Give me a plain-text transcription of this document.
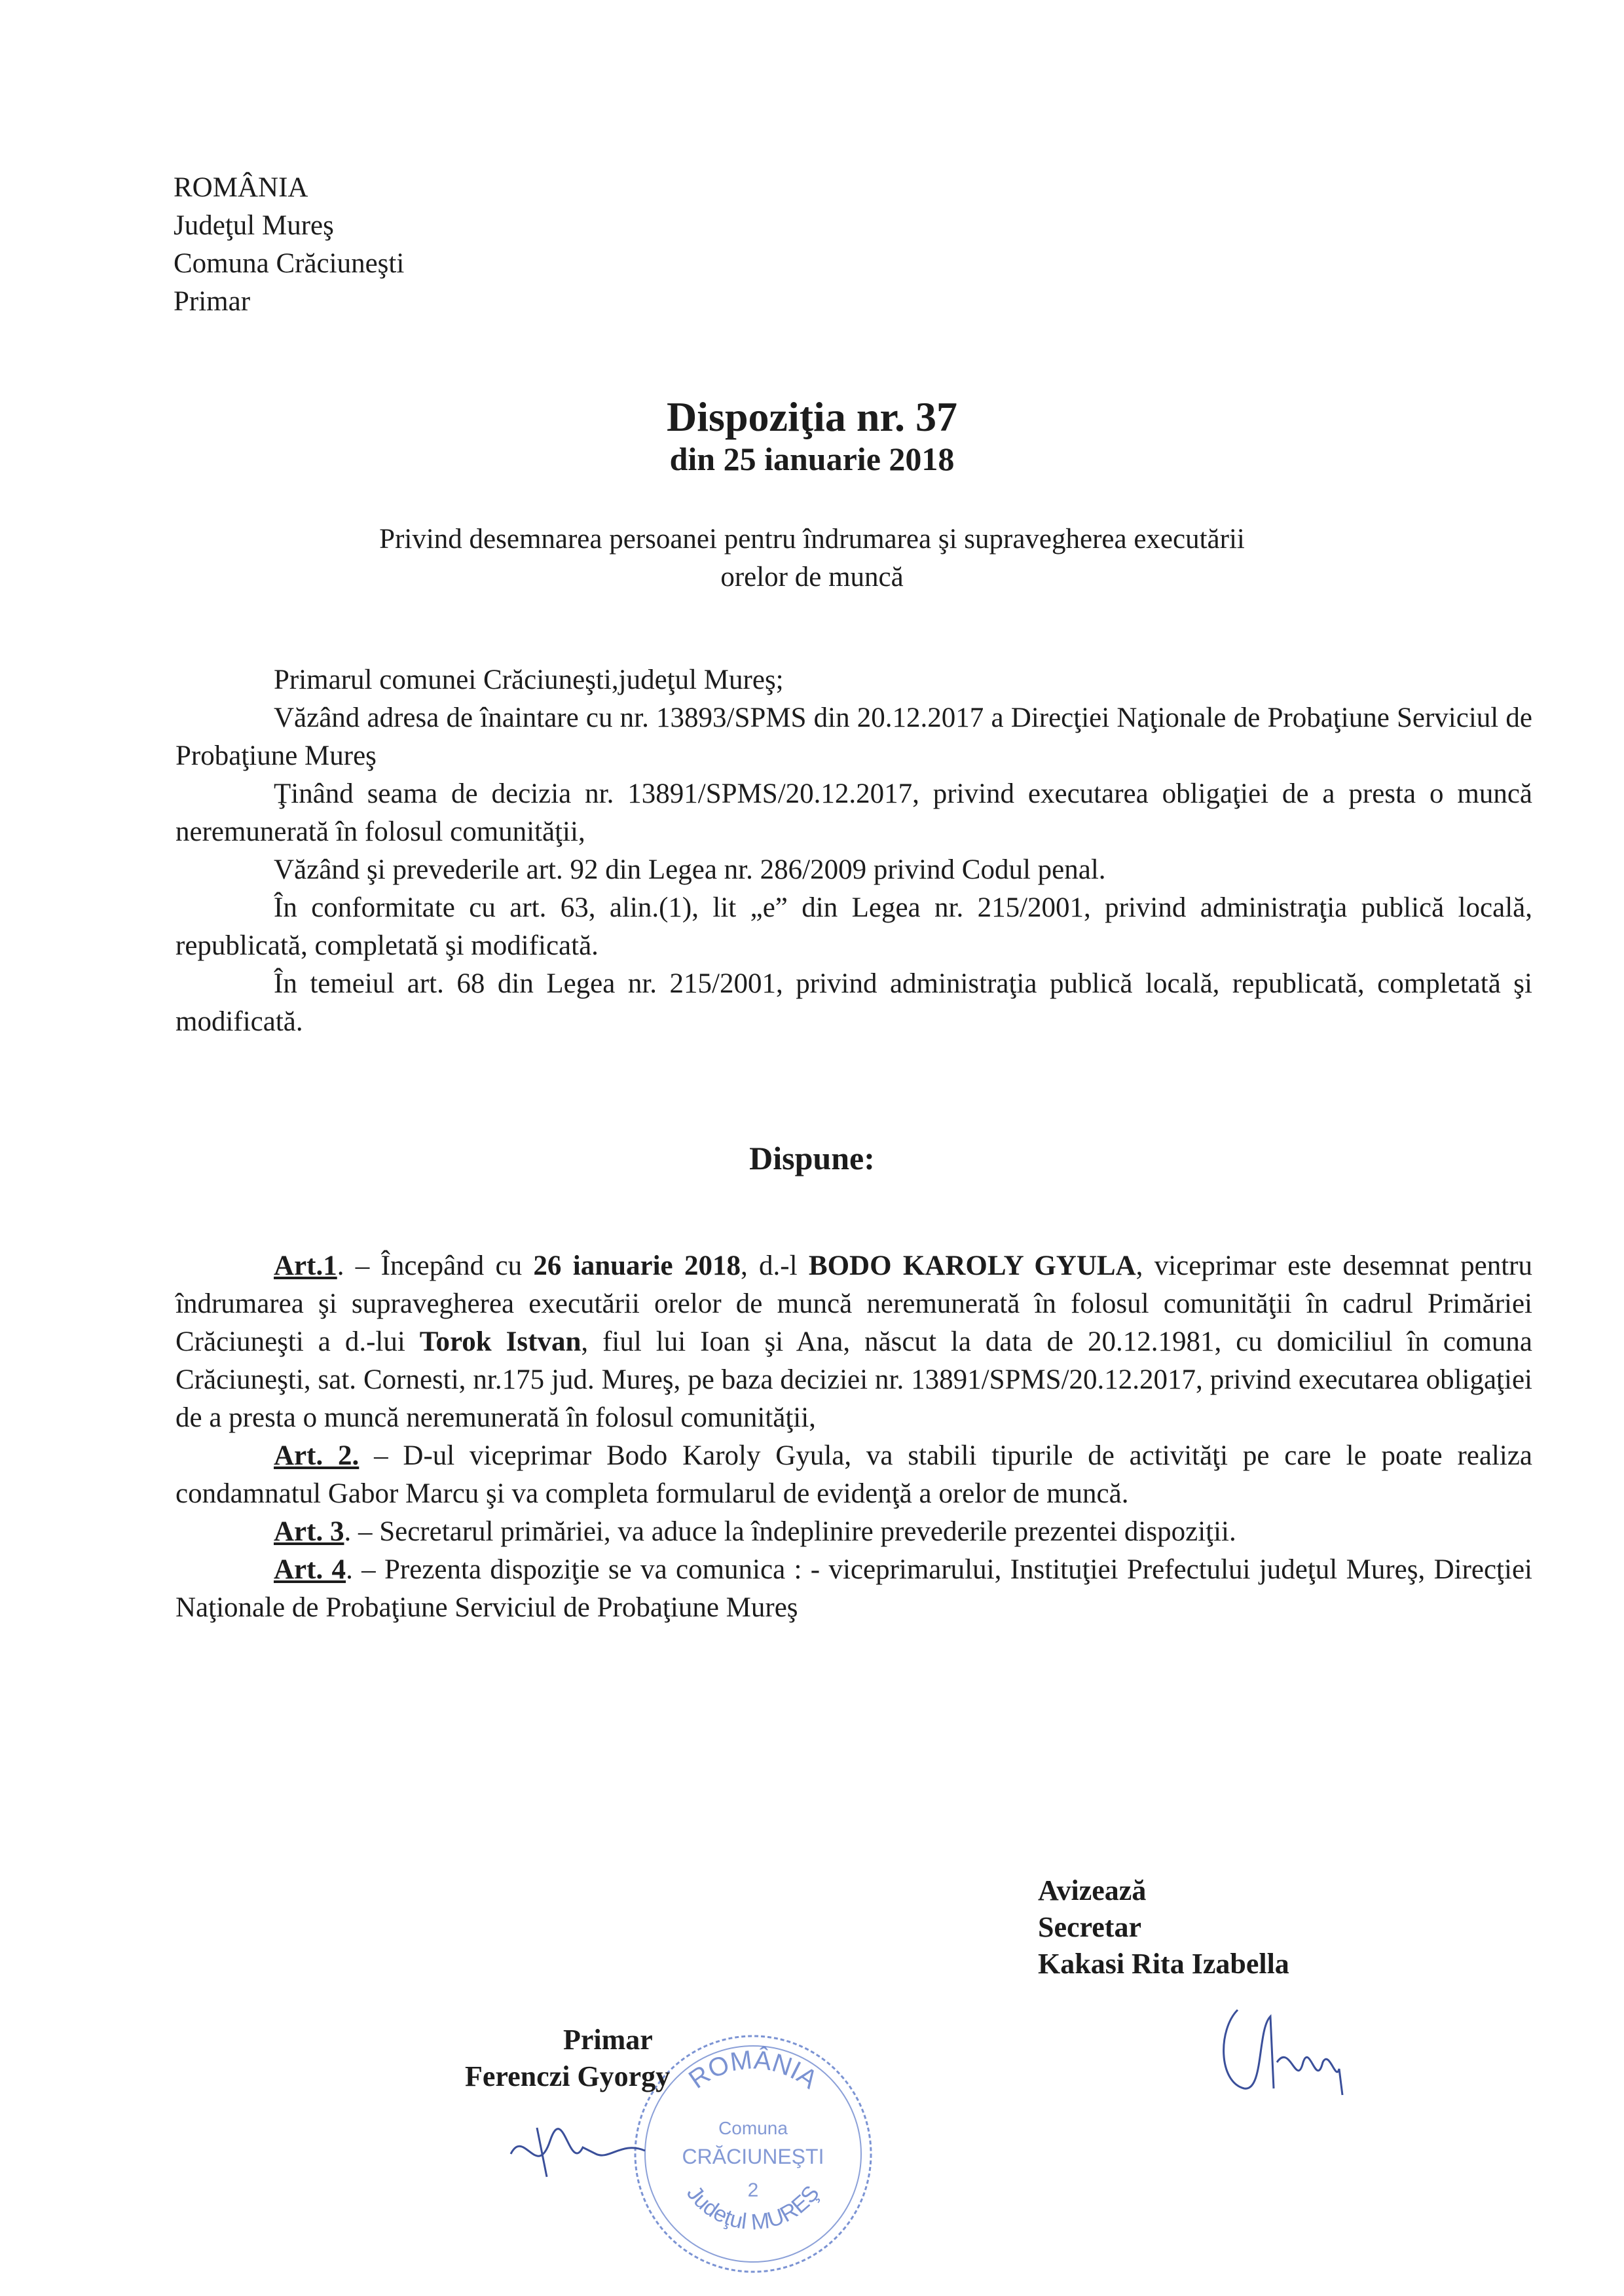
ROMÂNIA
Judeţul Mureş
Comuna Crăciuneşti
Primar
Dispoziţia nr. 37
din 25 ianuarie 2018
Privind desemnarea persoanei pentru îndrumarea şi supravegherea executării
orelor de muncă

Primarul comunei Crăciuneşti,judeţul Mureş;

Văzând adresa de înaintare cu nr. 13893/SPMS din 20.12.2017 a Direcţiei Naţionale de Probaţiune Serviciul de Probaţiune Mureş

Ţinând seama de decizia nr. 13891/SPMS/20.12.2017, privind executarea obligaţiei de a presta o muncă neremunerată în folosul comunităţii,

Văzând şi prevederile art. 92 din Legea nr. 286/2009 privind Codul penal.

În conformitate cu art. 63, alin.(1), lit „e” din Legea nr. 215/2001, privind administraţia publică locală, republicată, completată şi modificată.

În temeiul art. 68 din Legea nr. 215/2001, privind administraţia publică locală, republicată, completată şi modificată.

Dispune:

Art.1. – Începând cu 26 ianuarie 2018, d.-l BODO KAROLY GYULA, viceprimar este desemnat pentru îndrumarea şi supravegherea executării orelor de muncă neremunerată în folosul comunităţii în cadrul Primăriei Crăciuneşti a d.-lui Torok Istvan, fiul lui Ioan şi Ana, născut la data de 20.12.1981, cu domiciliul în comuna Crăciuneşti, sat. Cornesti, nr.175 jud. Mureş, pe baza deciziei nr. 13891/SPMS/20.12.2017, privind executarea obligaţiei de a presta o muncă neremunerată în folosul comunităţii,

Art. 2. – D-ul viceprimar Bodo Karoly Gyula, va stabili tipurile de activităţi pe care le poate realiza condamnatul Gabor Marcu şi va completa formularul de evidenţă a orelor de muncă.

Art. 3. – Secretarul primăriei, va aduce la îndeplinire prevederile prezentei dispoziţii.

Art. 4. – Prezenta dispoziţie se va comunica : - viceprimarului, Instituţiei Prefectului judeţul Mureş, Direcţiei Naţionale de Probaţiune Serviciul de Probaţiune Mureş

ROMÂNIA
Comuna
CRĂCIUNEŞTI
2
Judeţul MUREŞ
Primar
Ferenczi Gyorgy
Avizează
Secretar
Kakasi Rita Izabella
